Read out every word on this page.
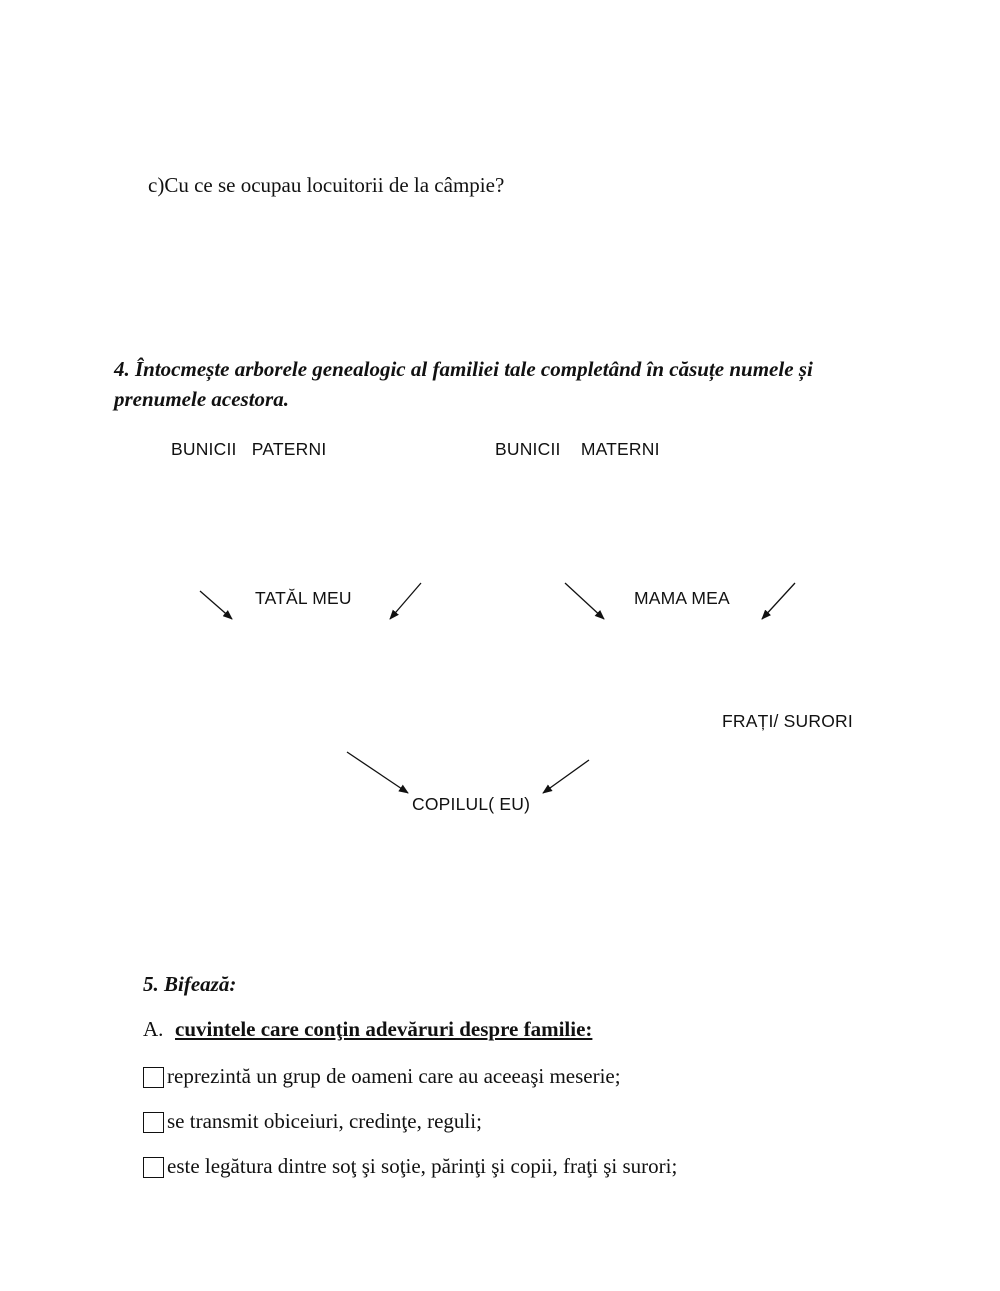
c)Cu ce se ocupau locuitorii de la câmpie?
4. Întocmește arborele genealogic al familiei tale completând în căsuțe numele și prenumele acestora.
BUNICII   PATERNI	BUNICII    MATERNI
TATĂL MEU	MAMA MEA
FRAȚI/ SURORI
COPILUL( EU)
5. Bifează:
A. cuvintele care conţin adevăruri despre familie:
reprezintă un grup de oameni care au aceeaşi meserie;
se transmit obiceiuri, credinţe, reguli;
este legătura dintre soţ şi soţie, părinţi şi copii, fraţi şi surori;
